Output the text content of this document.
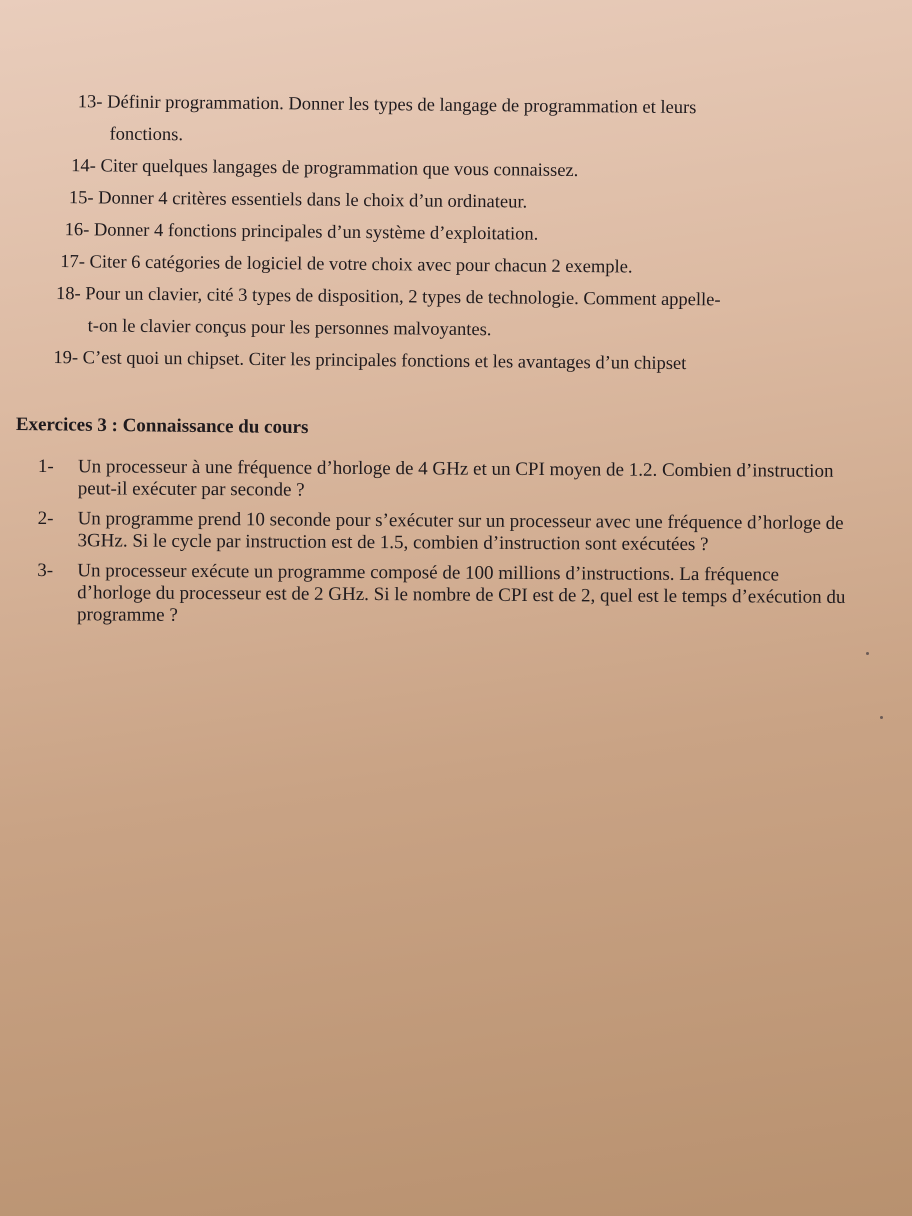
13- Définir programmation. Donner les types de langage de programmation et leurs
fonctions.

14- Citer quelques langages de programmation que vous connaissez.

15- Donner 4 critères essentiels dans le choix d’un ordinateur.

16- Donner 4 fonctions principales d’un système d’exploitation.

17- Citer 6 catégories de logiciel de votre choix avec pour chacun 2 exemple.

18- Pour un clavier, cité 3 types de disposition, 2 types de technologie. Comment appelle-
t-on le clavier conçus pour les personnes malvoyantes.

19- C’est quoi un chipset. Citer les principales fonctions et les avantages d’un chipset

Exercices 3 : Connaissance du cours
1-	Un processeur à une fréquence d’horloge de 4 GHz et un CPI moyen de 1.2. Combien d’instruction peut-il exécuter par seconde ?
2-	Un programme prend 10 seconde pour s’exécuter sur un processeur avec une fréquence d’horloge de 3GHz. Si le cycle par instruction est de 1.5, combien d’instruction sont exécutées ?
3-	Un processeur exécute un programme composé de 100 millions d’instructions. La fréquence d’horloge du processeur est de 2 GHz. Si le nombre de CPI est de 2, quel est le temps d’exécution du programme ?
